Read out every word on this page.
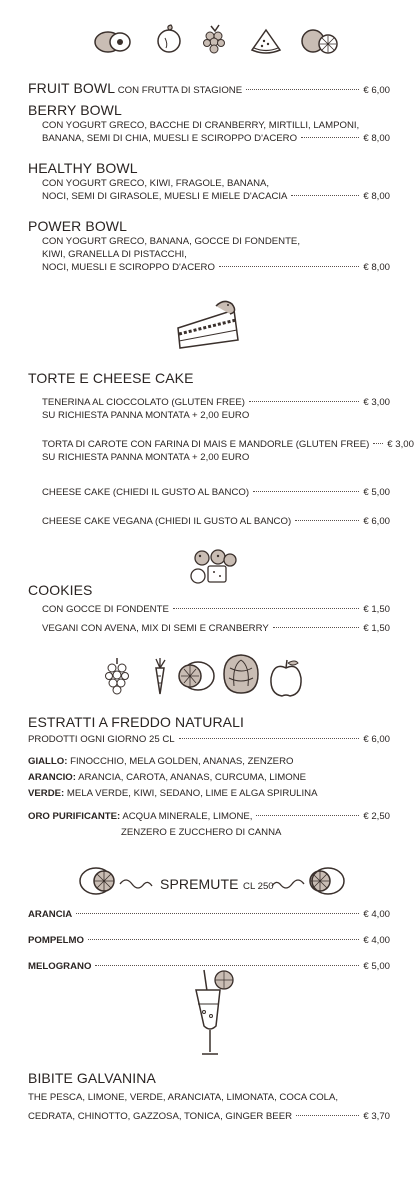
FRUIT BOWL CON FRUTTA DI STAGIONE	€ 6,00
BERRY BOWL
CON YOGURT GRECO, BACCHE DI CRANBERRY, MIRTILLI, LAMPONI,
BANANA, SEMI DI CHIA, MUESLI E SCIROPPO D'ACERO	€ 8,00
HEALTHY BOWL
CON YOGURT GRECO, KIWI, FRAGOLE, BANANA,
NOCI, SEMI DI GIRASOLE, MUESLI E MIELE D'ACACIA	€ 8,00
POWER BOWL
CON YOGURT GRECO, BANANA, GOCCE DI FONDENTE,
KIWI, GRANELLA DI PISTACCHI,
NOCI, MUESLI E SCIROPPO D'ACERO	€ 8,00
TORTE E CHEESE CAKE
TENERINA AL CIOCCOLATO (GLUTEN FREE)	€ 3,00
SU RICHIESTA PANNA MONTATA + 2,00 EURO
TORTA DI CAROTE CON FARINA DI MAIS E MANDORLE (GLUTEN FREE) € 3,00
SU RICHIESTA PANNA MONTATA + 2,00 EURO
CHEESE CAKE (CHIEDI IL GUSTO AL BANCO)	€ 5,00
CHEESE CAKE VEGANA (CHIEDI IL GUSTO AL BANCO)	€ 6,00
COOKIES
CON GOCCE DI FONDENTE	€ 1,50
VEGANI CON AVENA, MIX DI SEMI E CRANBERRY	€ 1,50
ESTRATTI A FREDDO NATURALI
PRODOTTI OGNI GIORNO 25 CL	€ 6,00
GIALLO: FINOCCHIO, MELA GOLDEN, ANANAS, ZENZERO
ARANCIO: ARANCIA, CAROTA, ANANAS, CURCUMA, LIMONE
VERDE: MELA VERDE, KIWI, SEDANO, LIME E ALGA SPIRULINA
ORO PURIFICANTE: ACQUA MINERALE, LIMONE,	€ 2,50
ZENZERO E ZUCCHERO DI CANNA
SPREMUTE CL 250
ARANCIA	€ 4,00
POMPELMO	€ 4,00
MELOGRANO	€ 5,00
BIBITE GALVANINA
THE PESCA, LIMONE, VERDE, ARANCIATA, LIMONATA, COCA COLA,
CEDRATA, CHINOTTO, GAZZOSA, TONICA, GINGER BEER	€ 3,70
